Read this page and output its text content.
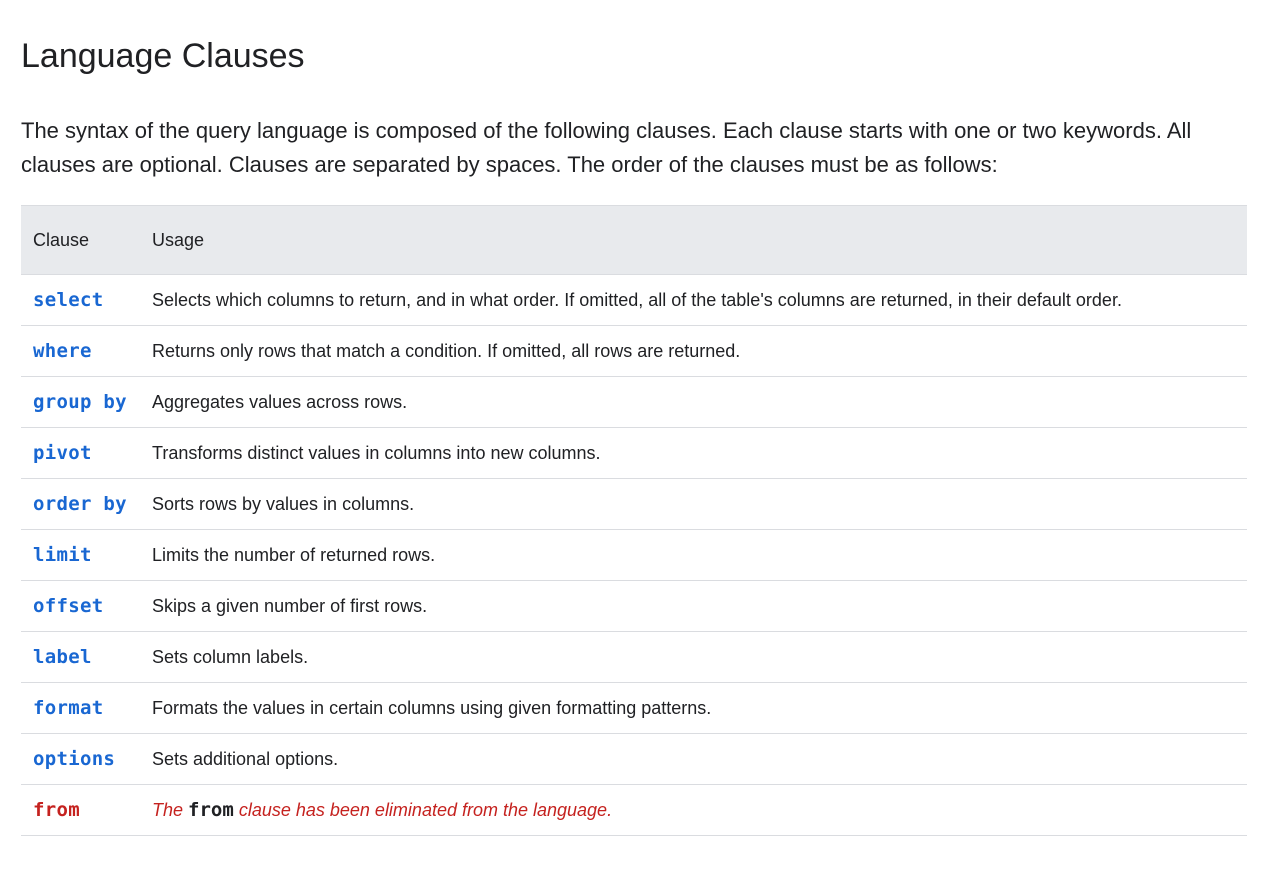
Language Clauses

The syntax of the query language is composed of the following clauses. Each clause starts with one or two keywords. All clauses are optional. Clauses are separated by spaces. The order of the clauses must be as follows:

Clause	Usage
select	Selects which columns to return, and in what order. If omitted, all of the table's columns are returned, in their default order.
where	Returns only rows that match a condition. If omitted, all rows are returned.
group by	Aggregates values across rows.
pivot	Transforms distinct values in columns into new columns.
order by	Sorts rows by values in columns.
limit	Limits the number of returned rows.
offset	Skips a given number of first rows.
label	Sets column labels.
format	Formats the values in certain columns using given formatting patterns.
options	Sets additional options.
from	The from clause has been eliminated from the language.
